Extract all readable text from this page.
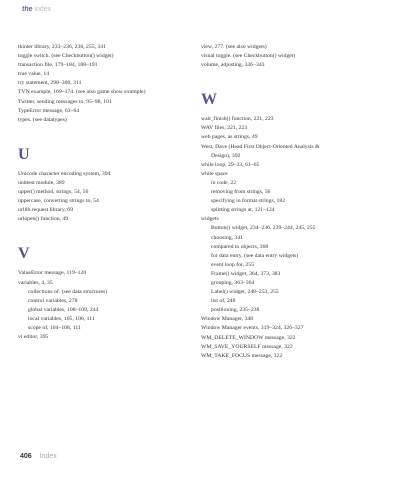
the index
tkinter library, 233–236, 238, 255, 341
toggle switch. (see Checkbutton() widget)
transaction file, 179–184, 188–191
true value, 14
try statement, 298–300, 311
TVN example, 169–174. (see also game show example)
Twitter, sending messages to, 95–98, 101
TypeError message, 63–64
types. (see datatypes)
U
Unicode character encoding system, 394
unittest module, 389
upper() method, strings, 54, 56
uppercase, converting strings to, 54
urllib.request library, 69
urlopen() function, 49
V
ValueError message, 119–120
variables, 4, 35
collections of. (see data structures)
control variables, 278
global variables, 108–109, 244
local variables, 105, 106, 111
scope of, 104–108, 111
vi editor, 395
view, 277. (see also widgets)
visual toggle. (see Checkbutton() widget)
volume, adjusting, 336–343
W
wait_finish() function, 221, 223
WAV files, 221, 223
web pages, as strings, 49
West, Dave (Head First Object-Oriented Analysis &
Design), 392
while loop, 29–33, 61–65
white space
in code, 22
removing from strings, 56
specifying in format strings, 182
splitting strings at, 121–124
widgets
Button() widget, 234–236, 239–244, 245, 255
choosing, 341
compared to objects, 368
for data entry. (see data entry widgets)
event loop for, 255
Frame() widget, 364, 373, 383
grouping, 363–364
Label() widget, 248–253, 255
list of, 248
positioning, 235–238
Window Manager, 348
Window Manager events, 319–324, 326–327
WM_DELETE_WINDOW message, 322
WM_SAVE_YOURSELF message, 322
WM_TAKE_FOCUS message, 322
406 Index
